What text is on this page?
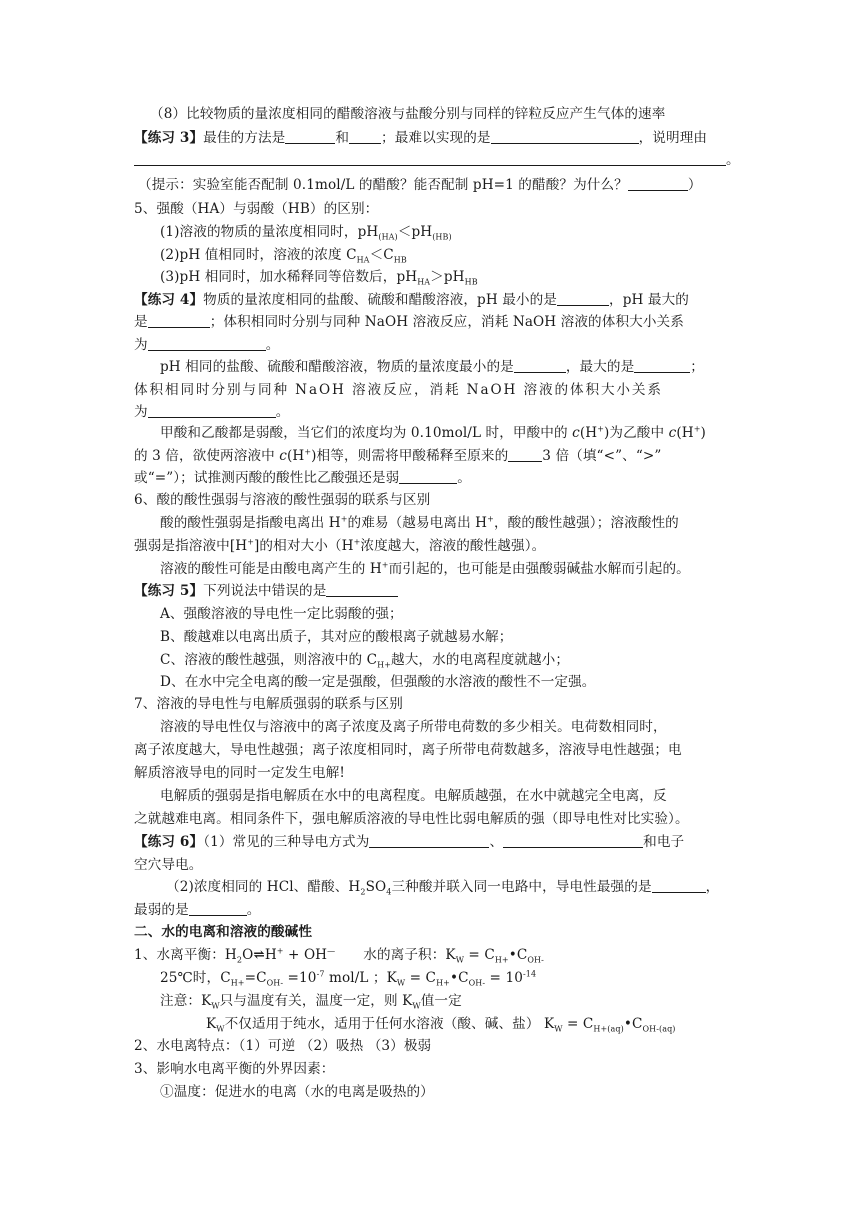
（8）比较物质的量浓度相同的醋酸溶液与盐酸分别与同样的锌粒反应产生气体的速率
【练习 3】最佳的方法是	和 ；最难以实现的是	，说明理由
。
（提示：实验室能否配制 0.1mol/L 的醋酸？能否配制 pH=1 的醋酸？为什么？	）
5、强酸（HA）与弱酸（HB）的区别：
(1)溶液的物质的量浓度相同时，$pH_{(HA)}<pH_{(HB)}$
(2)pH 值相同时，溶液的浓度 $C_{HA}<C_{HB}$
(3)pH 相同时，加水稀释同等倍数后，$pH_{HA}>pH_{HB}$
【练习 4】物质的量浓度相同的盐酸、硫酸和醋酸溶液，pH 最小的是	，pH 最大的
是	；体积相同时分别与同种 NaOH 溶液反应，消耗 NaOH 溶液的体积大小关系
为	。
pH 相同的盐酸、硫酸和醋酸溶液，物质的量浓度最小的是	，最大的是	；
体积相同时分别与同种 NaOH 溶液反应，消耗 NaOH 溶液的体积大小关系
为	。
甲酸和乙酸都是弱酸，当它们的浓度均为 0.10mol/L 时，甲酸中的 c(H+)为乙酸中 c(H+)
的 3 倍，欲使两溶液中 c(H+)相等，则需将甲酸稀释至原来的	3 倍（填“<”、“>”
或“=”）；试推测丙酸的酸性比乙酸强还是弱	。
6、酸的酸性强弱与溶液的酸性强弱的联系与区别
酸的酸性强弱是指酸电离出 H+的难易（越易电离出 H+，酸的酸性越强）；溶液酸性的
强弱是指溶液中[H+]的相对大小（H+浓度越大，溶液的酸性越强）。
溶液的酸性可能是由酸电离产生的 H+而引起的，也可能是由强酸弱碱盐水解而引起的。
【练习 5】下列说法中错误的是
A、强酸溶液的导电性一定比弱酸的强；
B、酸越难以电离出质子，其对应的酸根离子就越易水解；
C、溶液的酸性越强，则溶液中的 $C_{H+}$越大，水的电离程度就越小；
D、在水中完全电离的酸一定是强酸，但强酸的水溶液的酸性不一定强。
7、溶液的导电性与电解质强弱的联系与区别
溶液的导电性仅与溶液中的离子浓度及离子所带电荷数的多少相关。电荷数相同时，
离子浓度越大，导电性越强；离子浓度相同时，离子所带电荷数越多，溶液导电性越强；电
解质溶液导电的同时一定发生电解!
电解质的强弱是指电解质在水中的电离程度。电解质越强，在水中就越完全电离，反
之就越难电离。相同条件下，强电解质溶液的导电性比弱电解质的强（即导电性对比实验）。
【练习 6】（1）常见的三种导电方式为	、	和电子
空穴导电。
（2)浓度相同的 HCl、醋酸、$H_2SO_4$三种酸并联入同一电路中，导电性最强的是	，
最弱的是	。
二、水的电离和溶液的酸碱性
1、水离平衡：$H_2O\rightleftharpoons H^+ + OH^—$ 水的离子积：$K_W$ = $C_{H+}•C_{OH-}$
25℃时，$C_{H+}=C_{OH-} =10^{-7}$ mol/L ；$K_W$ = $C_{H+}•C_{OH-} = 10^{-14}$
注意：$K_W$只与温度有关，温度一定，则 $K_W$值一定
$K_W$不仅适用于纯水，适用于任何水溶液（酸、碱、盐） $K_W$ = $C_{H+(aq)}•C_{OH-(aq)}$
2、水电离特点：（1）可逆 （2）吸热 （3）极弱
3、影响水电离平衡的外界因素：
①温度：促进水的电离（水的电离是吸热的）
